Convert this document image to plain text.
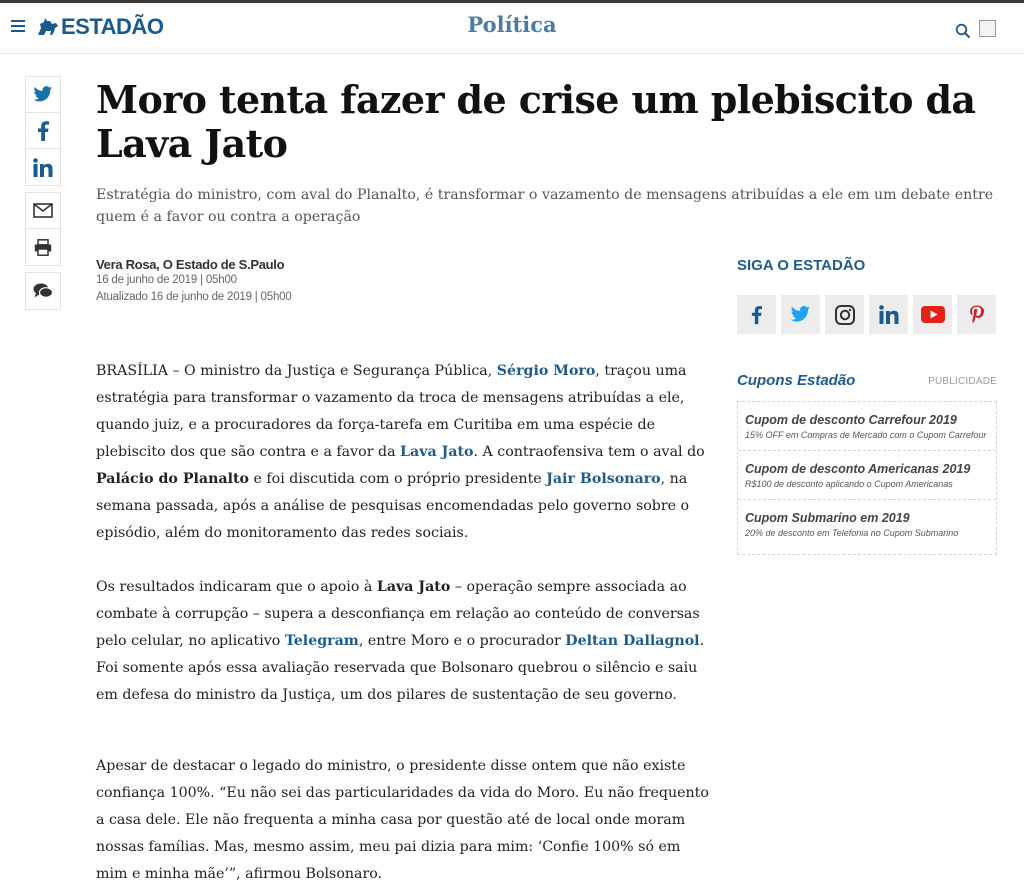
ESTADÃO	Política
Moro tenta fazer de crise um plebiscito da Lava Jato

Estratégia do ministro, com aval do Planalto, é transformar o vazamento de mensagens atribuídas a ele em um debate entre quem é a favor ou contra a operação

Vera Rosa, O Estado de S.Paulo
16 de junho de 2019 | 05h00
Atualizado 16 de junho de 2019 | 05h00

BRASÍLIA – O ministro da Justiça e Segurança Pública, Sérgio Moro, traçou uma estratégia para transformar o vazamento da troca de mensagens atribuídas a ele, quando juiz, e a procuradores da força-tarefa em Curitiba em uma espécie de plebiscito dos que são contra e a favor da Lava Jato. A contraofensiva tem o aval do Palácio do Planalto e foi discutida com o próprio presidente Jair Bolsonaro, na semana passada, após a análise de pesquisas encomendadas pelo governo sobre o episódio, além do monitoramento das redes sociais.

Os resultados indicaram que o apoio à Lava Jato – operação sempre associada ao combate à corrupção – supera a desconfiança em relação ao conteúdo de conversas pelo celular, no aplicativo Telegram, entre Moro e o procurador Deltan Dallagnol. Foi somente após essa avaliação reservada que Bolsonaro quebrou o silêncio e saiu em defesa do ministro da Justiça, um dos pilares de sustentação de seu governo.

Apesar de destacar o legado do ministro, o presidente disse ontem que não existe confiança 100%. “Eu não sei das particularidades da vida do Moro. Eu não frequento a casa dele. Ele não frequenta a minha casa por questão até de local onde moram nossas famílias. Mas, mesmo assim, meu pai dizia para mim: ‘Confie 100% só em mim e minha mãe’”, afirmou Bolsonaro.

SIGA O ESTADÃO
Cupons Estadão	PUBLICIDADE
Cupom de desconto Carrefour 2019
15% OFF em Compras de Mercado com o Cupom Carrefour
Cupom de desconto Americanas 2019
R$100 de desconto aplicando o Cupom Americanas
Cupom Submarino em 2019
20% de desconto em Telefonia no Cupom Submarino
